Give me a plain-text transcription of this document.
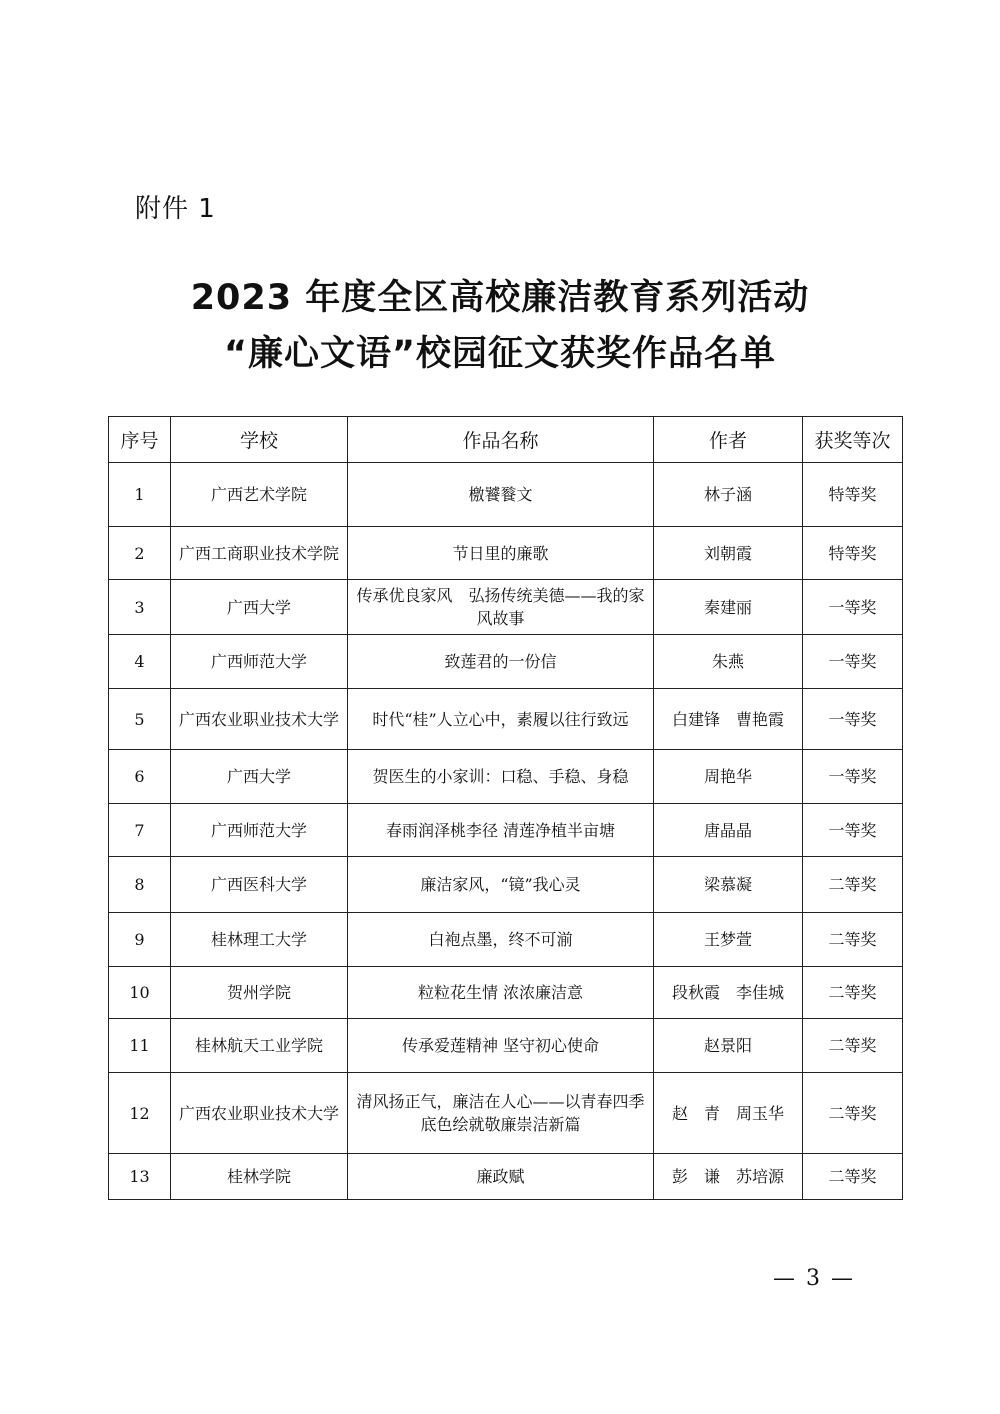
附件 1
2023 年度全区高校廉洁教育系列活动
“廉心文语”校园征文获奖作品名单
序号	学校	作品名称	作者	获奖等次
1	广西艺术学院	檄饕餮文	林子涵	特等奖
2	广西工商职业技术学院	节日里的廉歌	刘朝霞	特等奖
3	广西大学	传承优良家风　弘扬传统美德——我的家风故事	秦建丽	一等奖
4	广西师范大学	致莲君的一份信	朱燕	一等奖
5	广西农业职业技术大学	时代“桂”人立心中，素履以往行致远	白建锋　曹艳霞	一等奖
6	广西大学	贺医生的小家训：口稳、手稳、身稳	周艳华	一等奖
7	广西师范大学	春雨润泽桃李径 清莲净植半亩塘	唐晶晶	一等奖
8	广西医科大学	廉洁家风，“镜”我心灵	梁慕凝	二等奖
9	桂林理工大学	白袍点墨，终不可湔	王梦萱	二等奖
10	贺州学院	粒粒花生情 浓浓廉洁意	段秋霞　李佳城	二等奖
11	桂林航天工业学院	传承爱莲精神 坚守初心使命	赵景阳	二等奖
12	广西农业职业技术大学	清风扬正气，廉洁在人心——以青春四季底色绘就敬廉崇洁新篇	赵　青　周玉华	二等奖
13	桂林学院	廉政赋	彭　谦　苏培源	二等奖
— 3 —
